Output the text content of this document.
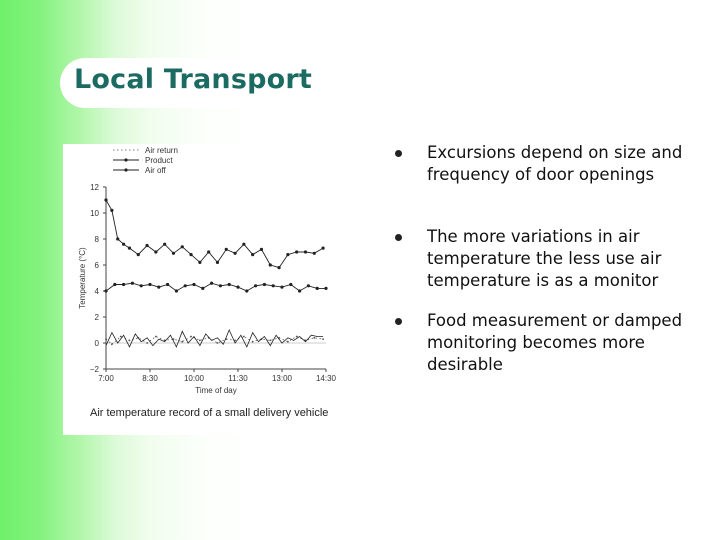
Local Transport
Air return
Product
Air off
−2
0
2
4
6
8
10
12
7:00	8:30	10:00	11:30	13:00	14:30
Time of day
Temperature (°C)
Air temperature record of a small delivery vehicle
Excursions depend on size and frequency of door openings
The more variations in air temperature the less use air temperature is as a monitor
Food measurement or damped monitoring becomes more desirable
